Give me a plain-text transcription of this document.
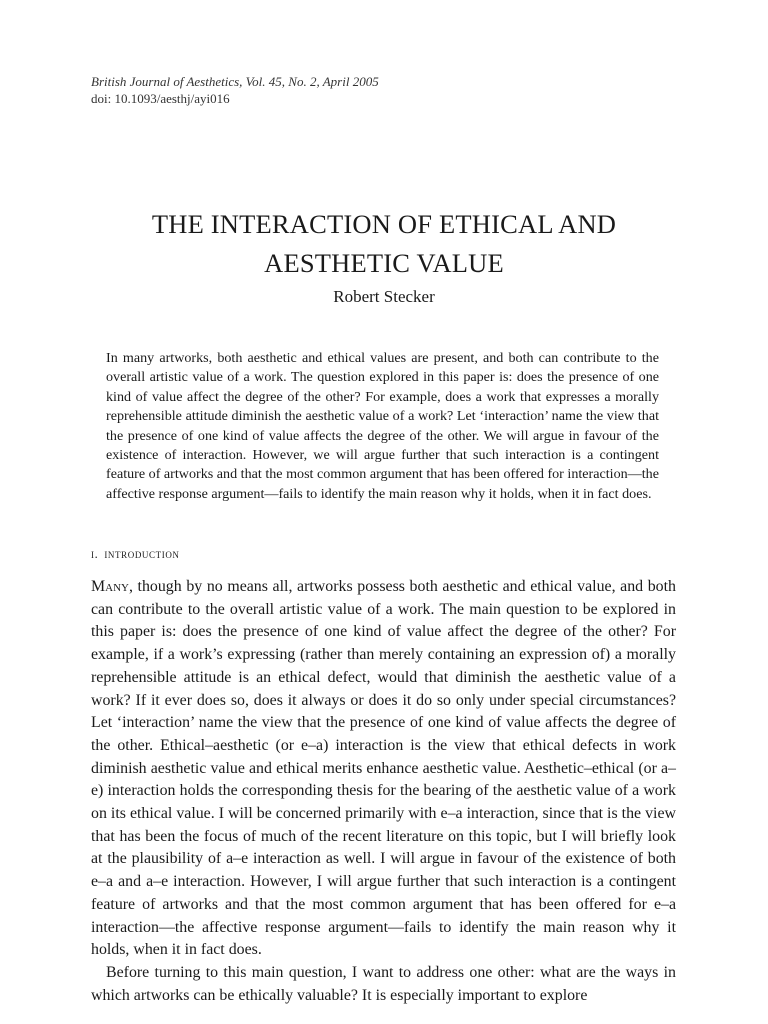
British Journal of Aesthetics, Vol. 45, No. 2, April 2005
doi: 10.1093/aesthj/ayi016
THE INTERACTION OF ETHICAL AND
AESTHETIC VALUE
Robert Stecker
In many artworks, both aesthetic and ethical values are present, and both can contribute to the overall artistic value of a work. The question explored in this paper is: does the presence of one kind of value affect the degree of the other? For example, does a work that expresses a morally reprehensible attitude diminish the aesthetic value of a work? Let ‘interaction’ name the view that the presence of one kind of value affects the degree of the other. We will argue in favour of the existence of interaction. However, we will argue further that such interaction is a contingent feature of artworks and that the most common argument that has been offered for interaction—the affective response argument—fails to identify the main reason why it holds, when it in fact does.
i. introduction

Many, though by no means all, artworks possess both aesthetic and ethical value, and both can contribute to the overall artistic value of a work. The main question to be explored in this paper is: does the presence of one kind of value affect the degree of the other? For example, if a work’s expressing (rather than merely containing an expression of) a morally reprehensible attitude is an ethical defect, would that diminish the aesthetic value of a work? If it ever does so, does it always or does it do so only under special circumstances? Let ‘interaction’ name the view that the presence of one kind of value affects the degree of the other. Ethical–aesthetic (or e–a) interaction is the view that ethical defects in work diminish aesthetic value and ethical merits enhance aesthetic value. Aesthetic–ethical (or a–e) interaction holds the corresponding thesis for the bearing of the aesthetic value of a work on its ethical value. I will be concerned primarily with e–a interaction, since that is the view that has been the focus of much of the recent literature on this topic, but I will briefly look at the plausibility of a–e interaction as well. I will argue in favour of the existence of both e–a and a–e interaction. However, I will argue further that such interaction is a contingent feature of artworks and that the most common argument that has been offered for e–a interaction—the affective response argument—fails to identify the main reason why it holds, when it in fact does.

Before turning to this main question, I want to address one other: what are the ways in which artworks can be ethically valuable? It is especially important to explore
